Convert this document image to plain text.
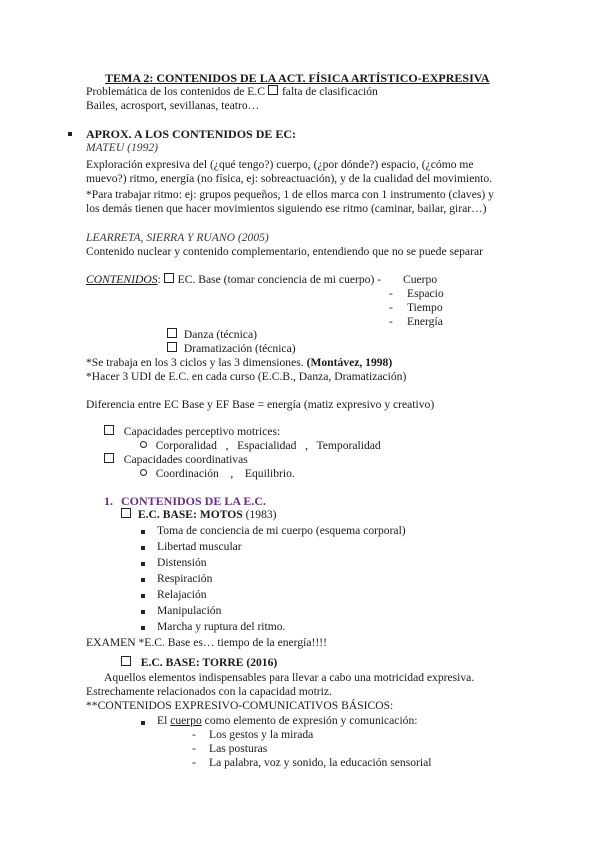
TEMA 2: CONTENIDOS DE LA ACT. FÍSICA ARTÍSTICO-EXPRESIVA
Problemática de los contenidos de E.C falta de clasificación
Bailes, acrosport, sevillanas, teatro…
APROX. A LOS CONTENIDOS DE EC:
MATEU (1992)
Exploración expresiva del (¿qué tengo?) cuerpo, (¿por dónde?) espacio, (¿cómo me
muevo?) ritmo, energía (no física, ej: sobreactuación), y de la cualidad del movimiento.
*Para trabajar ritmo: ej: grupos pequeños, 1 de ellos marca con 1 instrumento (claves) y
los demás tienen que hacer movimientos siguiendo ese ritmo (caminar, bailar, girar…)
LEARRETA, SIERRA Y RUANO (2005)
Contenido nuclear y contenido complementario, entendiendo que no se puede separar
CONTENIDOS: EC. Base (tomar conciencia de mi cuerpo) - Cuerpo
- Espacio
- Tiempo
- Energía
Danza (técnica)
Dramatización (técnica)
*Se trabaja en los 3 ciclos y las 3 dimensiones. (Montávez, 1998)
*Hacer 3 UDI de E.C. en cada curso (E.C.B., Danza, Dramatización)
Diferencia entre EC Base y EF Base = energía (matiz expresivo y creativo)
Capacidades perceptivo motrices:
Corporalidad   ,   Espacialidad   ,   Temporalidad
Capacidades coordinativas
Coordinación    ,    Equilibrio.
1. CONTENIDOS DE LA E.C.
E.C. BASE: MOTOS (1983)
Toma de conciencia de mi cuerpo (esquema corporal)
Libertad muscular
Distensión
Respiración
Relajación
Manipulación
Marcha y ruptura del ritmo.
EXAMEN *E.C. Base es… tiempo de la energía!!!!
E.C. BASE: TORRE (2016)
Aquellos elementos indispensables para llevar a cabo una motricidad expresiva.
Estrechamente relacionados con la capacidad motriz.
**CONTENIDOS EXPRESIVO-COMUNICATIVOS BÁSICOS:
El cuerpo como elemento de expresión y comunicación:
- Los gestos y la mirada
- Las posturas
- La palabra, voz y sonido, la educación sensorial
